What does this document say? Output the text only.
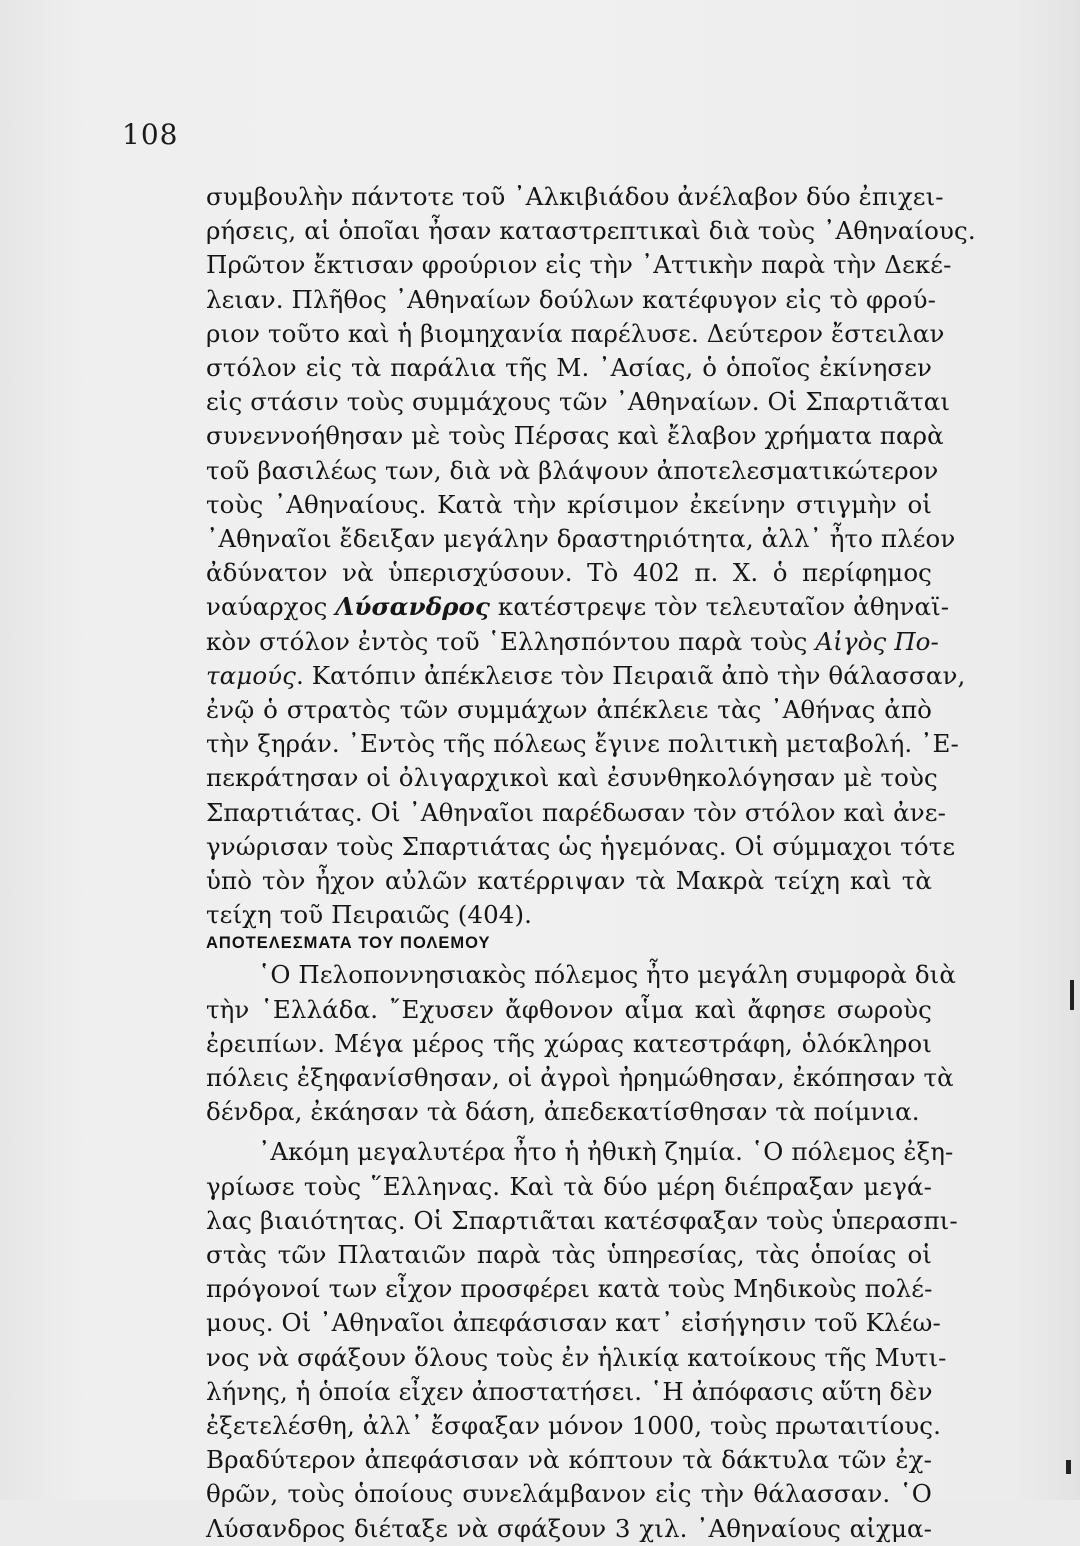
108
συμβουλὴν πάντοτε τοῦ ᾿Αλκιβιάδου ἀνέλαβον δύο ἐπιχει-
ρήσεις, αἱ ὁποῖαι ἦσαν καταστρεπτικαὶ διὰ τοὺς ᾿Αθηναίους.
Πρῶτον ἔκτισαν φρούριον εἰς τὴν ᾿Αττικὴν παρὰ τὴν Δεκέ-
λειαν. Πλῆθος ᾿Αθηναίων δούλων κατέφυγον εἰς τὸ φρού-
ριον τοῦτο καὶ ἡ βιομηχανία παρέλυσε. Δεύτερον ἔστειλαν
στόλον εἰς τὰ παράλια τῆς Μ. ᾿Ασίας, ὁ ὁποῖος ἐκίνησεν
εἰς στάσιν τοὺς συμμάχους τῶν ᾿Αθηναίων. Οἱ Σπαρτιᾶται
συνεννοήθησαν μὲ τοὺς Πέρσας καὶ ἔλαβον χρήματα παρὰ
τοῦ βασιλέως των, διὰ νὰ βλάψουν ἀποτελεσματικώτερον
τοὺς ᾿Αθηναίους. Κατὰ τὴν κρίσιμον ἐκείνην στιγμὴν οἱ
᾿Αθηναῖοι ἔδειξαν μεγάλην δραστηριότητα, ἀλλ᾿ ἦτο πλέον
ἀδύνατον νὰ ὑπερισχύσουν. Τὸ 402 π. Χ. ὁ περίφημος
ναύαρχος Λύσανδρος κατέστρεψε τὸν τελευταῖον ἀθηναϊ-
κὸν στόλον ἐντὸς τοῦ ῾Ελλησπόντου παρὰ τοὺς Αἰγὸς Πο-
ταμούς. Κατόπιν ἀπέκλεισε τὸν Πειραιᾶ ἀπὸ τὴν θάλασσαν,
ἐνῷ ὁ στρατὸς τῶν συμμάχων ἀπέκλειε τὰς ᾿Αθήνας ἀπὸ
τὴν ξηράν. ᾿Εντὸς τῆς πόλεως ἔγινε πολιτικὴ μεταβολή. ᾿Ε-
πεκράτησαν οἱ ὀλιγαρχικοὶ καὶ ἐσυνθηκολόγησαν μὲ τοὺς
Σπαρτιάτας. Οἱ ᾿Αθηναῖοι παρέδωσαν τὸν στόλον καὶ ἀνε-
γνώρισαν τοὺς Σπαρτιάτας ὡς ἡγεμόνας. Οἱ σύμμαχοι τότε
ὑπὸ τὸν ἦχον αὐλῶν κατέρριψαν τὰ Μακρὰ τείχη καὶ τὰ
τείχη τοῦ Πειραιῶς (404).
ΑΠΟΤΕΛΕΣΜΑΤΑ ΤΟΥ ΠΟΛΕΜΟΥ
῾Ο Πελοποννησιακὸς πόλεμος ἦτο μεγάλη συμφορὰ διὰ
τὴν ῾Ελλάδα. ῎Εχυσεν ἄφθονον αἷμα καὶ ἄφησε σωροὺς
ἐρειπίων. Μέγα μέρος τῆς χώρας κατεστράφη, ὁλόκληροι
πόλεις ἐξηφανίσθησαν, οἱ ἀγροὶ ἠρημώθησαν, ἐκόπησαν τὰ
δένδρα, ἐκάησαν τὰ δάση, ἀπεδεκατίσθησαν τὰ ποίμνια.
᾿Ακόμη μεγαλυτέρα ἦτο ἡ ἠθικὴ ζημία. ῾Ο πόλεμος ἐξη-
γρίωσε τοὺς ῞Ελληνας. Καὶ τὰ δύο μέρη διέπραξαν μεγά-
λας βιαιότητας. Οἱ Σπαρτιᾶται κατέσφαξαν τοὺς ὑπερασπι-
στὰς τῶν Πλαταιῶν παρὰ τὰς ὑπηρεσίας, τὰς ὁποίας οἱ
πρόγονοί των εἶχον προσφέρει κατὰ τοὺς Μηδικοὺς πολέ-
μους. Οἱ ᾿Αθηναῖοι ἀπεφάσισαν κατ᾿ εἰσήγησιν τοῦ Κλέω-
νος νὰ σφάξουν ὅλους τοὺς ἐν ἡλικίᾳ κατοίκους τῆς Μυτι-
λήνης, ἡ ὁποία εἶχεν ἀποστατήσει. ῾Η ἀπόφασις αὕτη δὲν
ἐξετελέσθη, ἀλλ᾿ ἔσφαξαν μόνον 1000, τοὺς πρωταιτίους.
Βραδύτερον ἀπεφάσισαν νὰ κόπτουν τὰ δάκτυλα τῶν ἐχ-
θρῶν, τοὺς ὁποίους συνελάμβανον εἰς τὴν θάλασσαν. ῾Ο
Λύσανδρος διέταξε νὰ σφάξουν 3 χιλ. ᾿Αθηναίους αἰχμα-
